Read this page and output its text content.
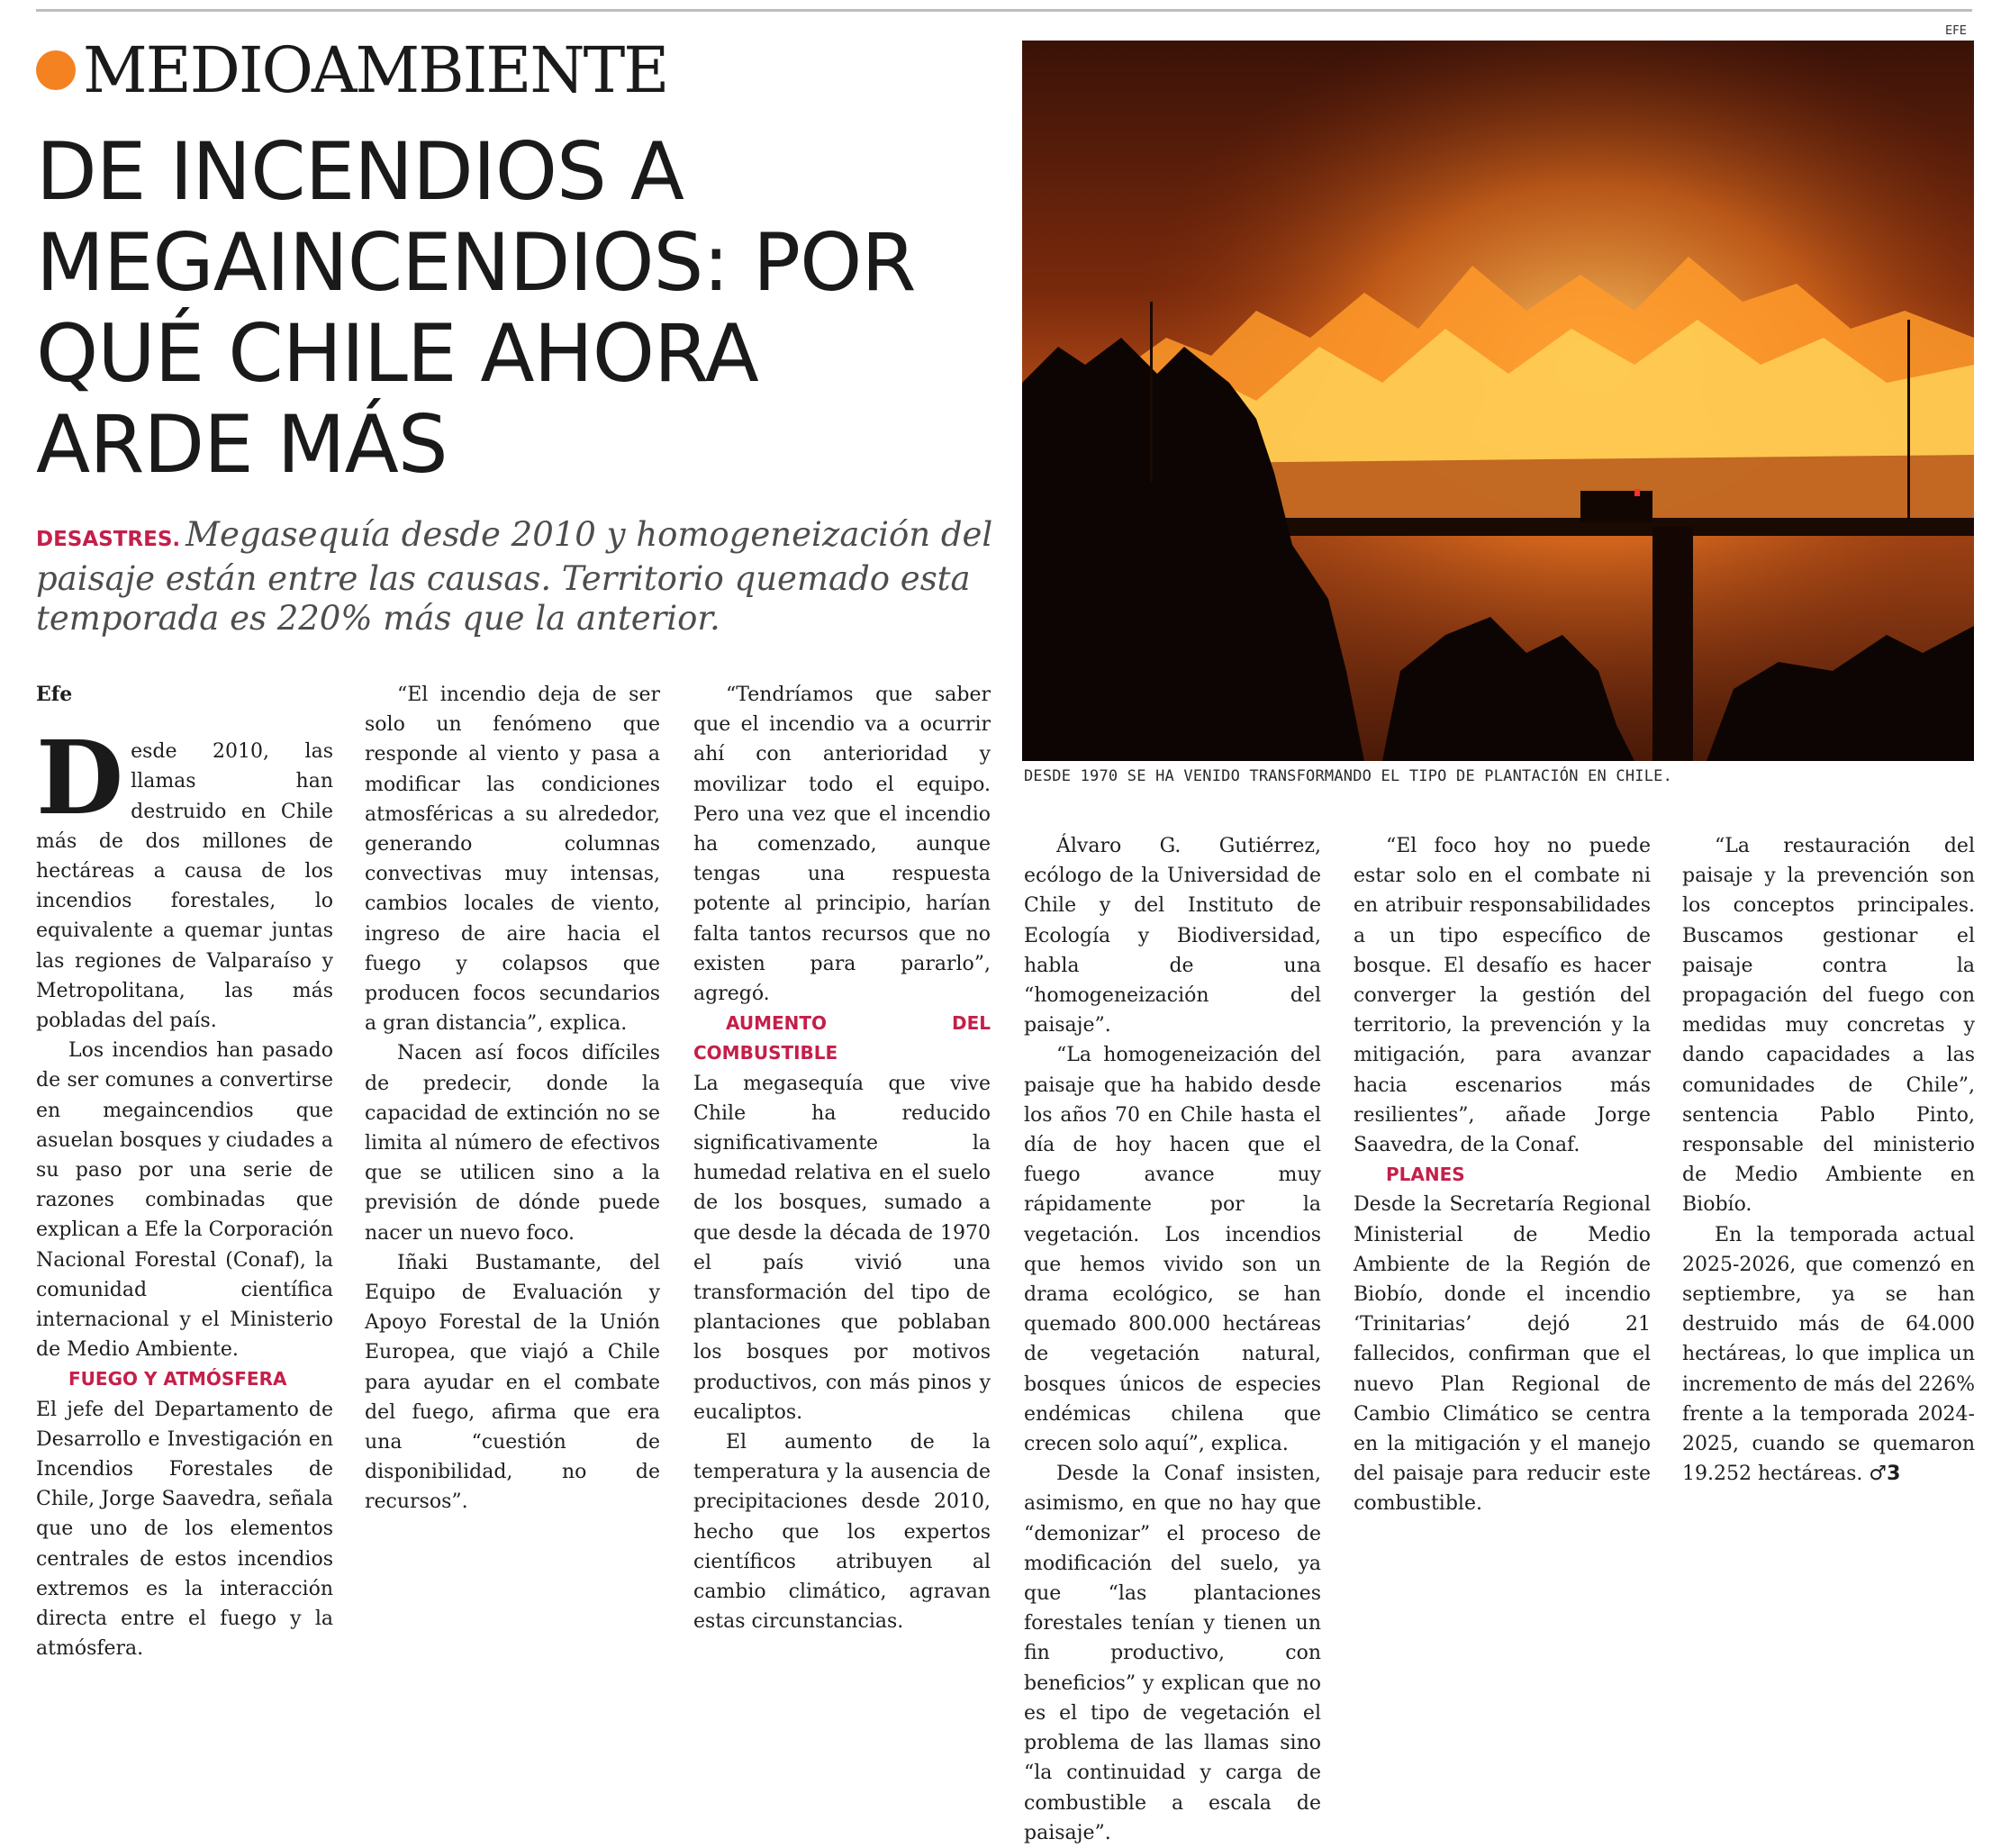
MEDIOAMBIENTE
DE INCENDIOS A MEGAINCENDIOS: POR QUÉ CHILE AHORA ARDE MÁS

DESASTRES. Megasequía desde 2010 y homogeneización del paisaje están entre las causas. Territorio quemado esta temporada es 220% más que la anterior.

EFE
DESDE 1970 SE HA VENIDO TRANSFORMANDO EL TIPO DE PLANTACIÓN EN CHILE.
Efe

Desde 2010, las llamas han destruido en Chile más de dos millones de hectáreas a causa de los incendios forestales, lo equivalente a quemar juntas las regiones de Valparaíso y Metropolitana, las más pobladas del país.

Los incendios han pasado de ser comunes a convertirse en megaincendios que asuelan bosques y ciudades a su paso por una serie de razones combinadas que explican a Efe la Corporación Nacional Forestal (Conaf), la comunidad científica internacional y el Ministerio de Medio Ambiente.

FUEGO Y ATMÓSFERA

El jefe del Departamento de Desarrollo e Investigación en Incendios Forestales de Chile, Jorge Saavedra, señala que uno de los elementos centrales de estos incendios extremos es la interacción directa entre el fuego y la atmósfera.

“El incendio deja de ser solo un fenómeno que responde al viento y pasa a modificar las condiciones atmosféricas a su alrededor, generando columnas convectivas muy intensas, cambios locales de viento, ingreso de aire hacia el fuego y colapsos que producen focos secundarios a gran distancia”, explica.

Nacen así focos difíciles de predecir, donde la capacidad de extinción no se limita al número de efectivos que se utilicen sino a la previsión de dónde puede nacer un nuevo foco.

Iñaki Bustamante, del Equipo de Evaluación y Apoyo Forestal de la Unión Europea, que viajó a Chile para ayudar en el combate del fuego, afirma que era una “cuestión de disponibilidad, no de recursos”.

“Tendríamos que saber que el incendio va a ocurrir ahí con anterioridad y movilizar todo el equipo. Pero una vez que el incendio ha comenzado, aunque tengas una respuesta potente al principio, harían falta tantos recursos que no existen para pararlo”, agregó.

AUMENTO DEL COMBUSTIBLE

La megasequía que vive Chile ha reducido significativamente la humedad relativa en el suelo de los bosques, sumado a que desde la década de 1970 el país vivió una transformación del tipo de plantaciones que poblaban los bosques por motivos productivos, con más pinos y eucaliptos.

El aumento de la temperatura y la ausencia de precipitaciones desde 2010, hecho que los expertos científicos atribuyen al cambio climático, agravan estas circunstancias.

Álvaro G. Gutiérrez, ecólogo de la Universidad de Chile y del Instituto de Ecología y Biodiversidad, habla de una “homogeneización del paisaje”.

“La homogeneización del paisaje que ha habido desde los años 70 en Chile hasta el día de hoy hacen que el fuego avance muy rápidamente por la vegetación. Los incendios que hemos vivido son un drama ecológico, se han quemado 800.000 hectáreas de vegetación natural, bosques únicos de especies endémicas chilena que crecen solo aquí”, explica.

Desde la Conaf insisten, asimismo, en que no hay que “demonizar” el proceso de modificación del suelo, ya que “las plantaciones forestales tenían y tienen un fin productivo, con beneficios” y explican que no es el tipo de vegetación el problema de las llamas sino “la continuidad y carga de combustible a escala de paisaje”.

“El foco hoy no puede estar solo en el combate ni en atribuir responsabilidades a un tipo específico de bosque. El desafío es hacer converger la gestión del territorio, la prevención y la mitigación, para avanzar hacia escenarios más resilientes”, añade Jorge Saavedra, de la Conaf.

PLANES

Desde la Secretaría Regional Ministerial de Medio Ambiente de la Región de Biobío, donde el incendio ‘Trinitarias’ dejó 21 fallecidos, confirman que el nuevo Plan Regional de Cambio Climático se centra en la mitigación y el manejo del paisaje para reducir este combustible.

“La restauración del paisaje y la prevención son los conceptos principales. Buscamos gestionar el paisaje contra la propagación del fuego con medidas muy concretas y dando capacidades a las comunidades de Chile”, sentencia Pablo Pinto, responsable del ministerio de Medio Ambiente en Biobío.

En la temporada actual 2025-2026, que comenzó en septiembre, ya se han destruido más de 64.000 hectáreas, lo que implica un incremento de más del 226% frente a la temporada 2024-2025, cuando se quemaron 19.252 hectáreas. ♂3
